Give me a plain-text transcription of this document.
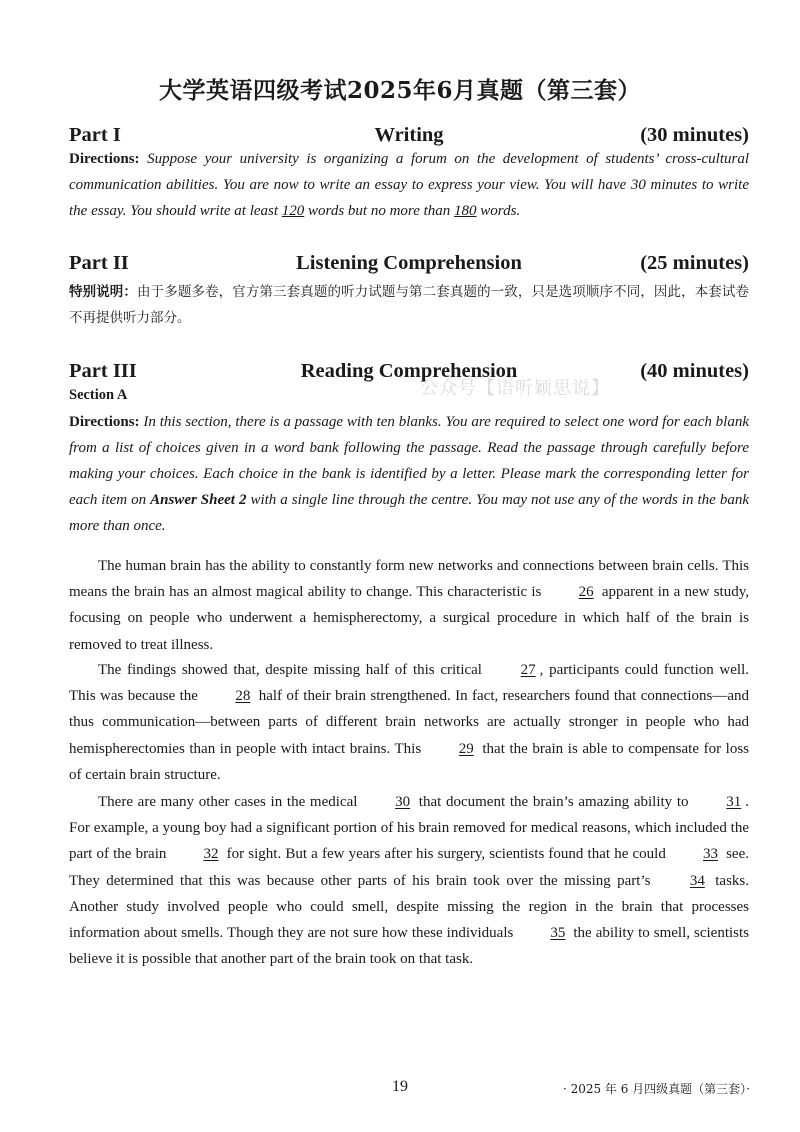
大学英语四级考试2025年6月真题（第三套）
Part I	Writing	(30 minutes)
Directions: Suppose your university is organizing a forum on the development of students’ cross-cultural communication abilities. You are now to write an essay to express your view. You will have 30 minutes to write the essay. You should write at least 120 words but no more than 180 words.
Part II	Listening Comprehension	(25 minutes)
特别说明：由于多题多卷，官方第三套真题的听力试题与第二套真题的一致，只是选项顺序不同，因此，本套试卷不再提供听力部分。
Part III	Reading Comprehension	(40 minutes)
公众号【语听颖思说】
Section A
Directions: In this section, there is a passage with ten blanks. You are required to select one word for each blank from a list of choices given in a word bank following the passage. Read the passage through carefully before making your choices. Each choice in the bank is identified by a letter. Please mark the corresponding letter for each item on Answer Sheet 2 with a single line through the centre. You may not use any of the words in the bank more than once.
The human brain has the ability to constantly form new networks and connections between brain cells. This means the brain has an almost magical ability to change. This characteristic is 26 apparent in a new study, focusing on people who underwent a hemispherectomy, a surgical procedure in which half of the brain is removed to treat illness.
The findings showed that, despite missing half of this critical 27 , participants could function well. This was because the 28 half of their brain strengthened. In fact, researchers found that connections—and thus communication—between parts of different brain networks are actually stronger in people who had hemispherectomies than in people with intact brains. This 29 that the brain is able to compensate for loss of certain brain structure.
There are many other cases in the medical 30 that document the brain’s amazing ability to 31 . For example, a young boy had a significant portion of his brain removed for medical reasons, which included the part of the brain 32 for sight. But a few years after his surgery, scientists found that he could 33 see. They determined that this was because other parts of his brain took over the missing part’s 34 tasks. Another study involved people who could smell, despite missing the region in the brain that processes information about smells. Though they are not sure how these individuals 35 the ability to smell, scientists believe it is possible that another part of the brain took on that task.
19	· 2025 年 6 月四级真题（第三套）·
